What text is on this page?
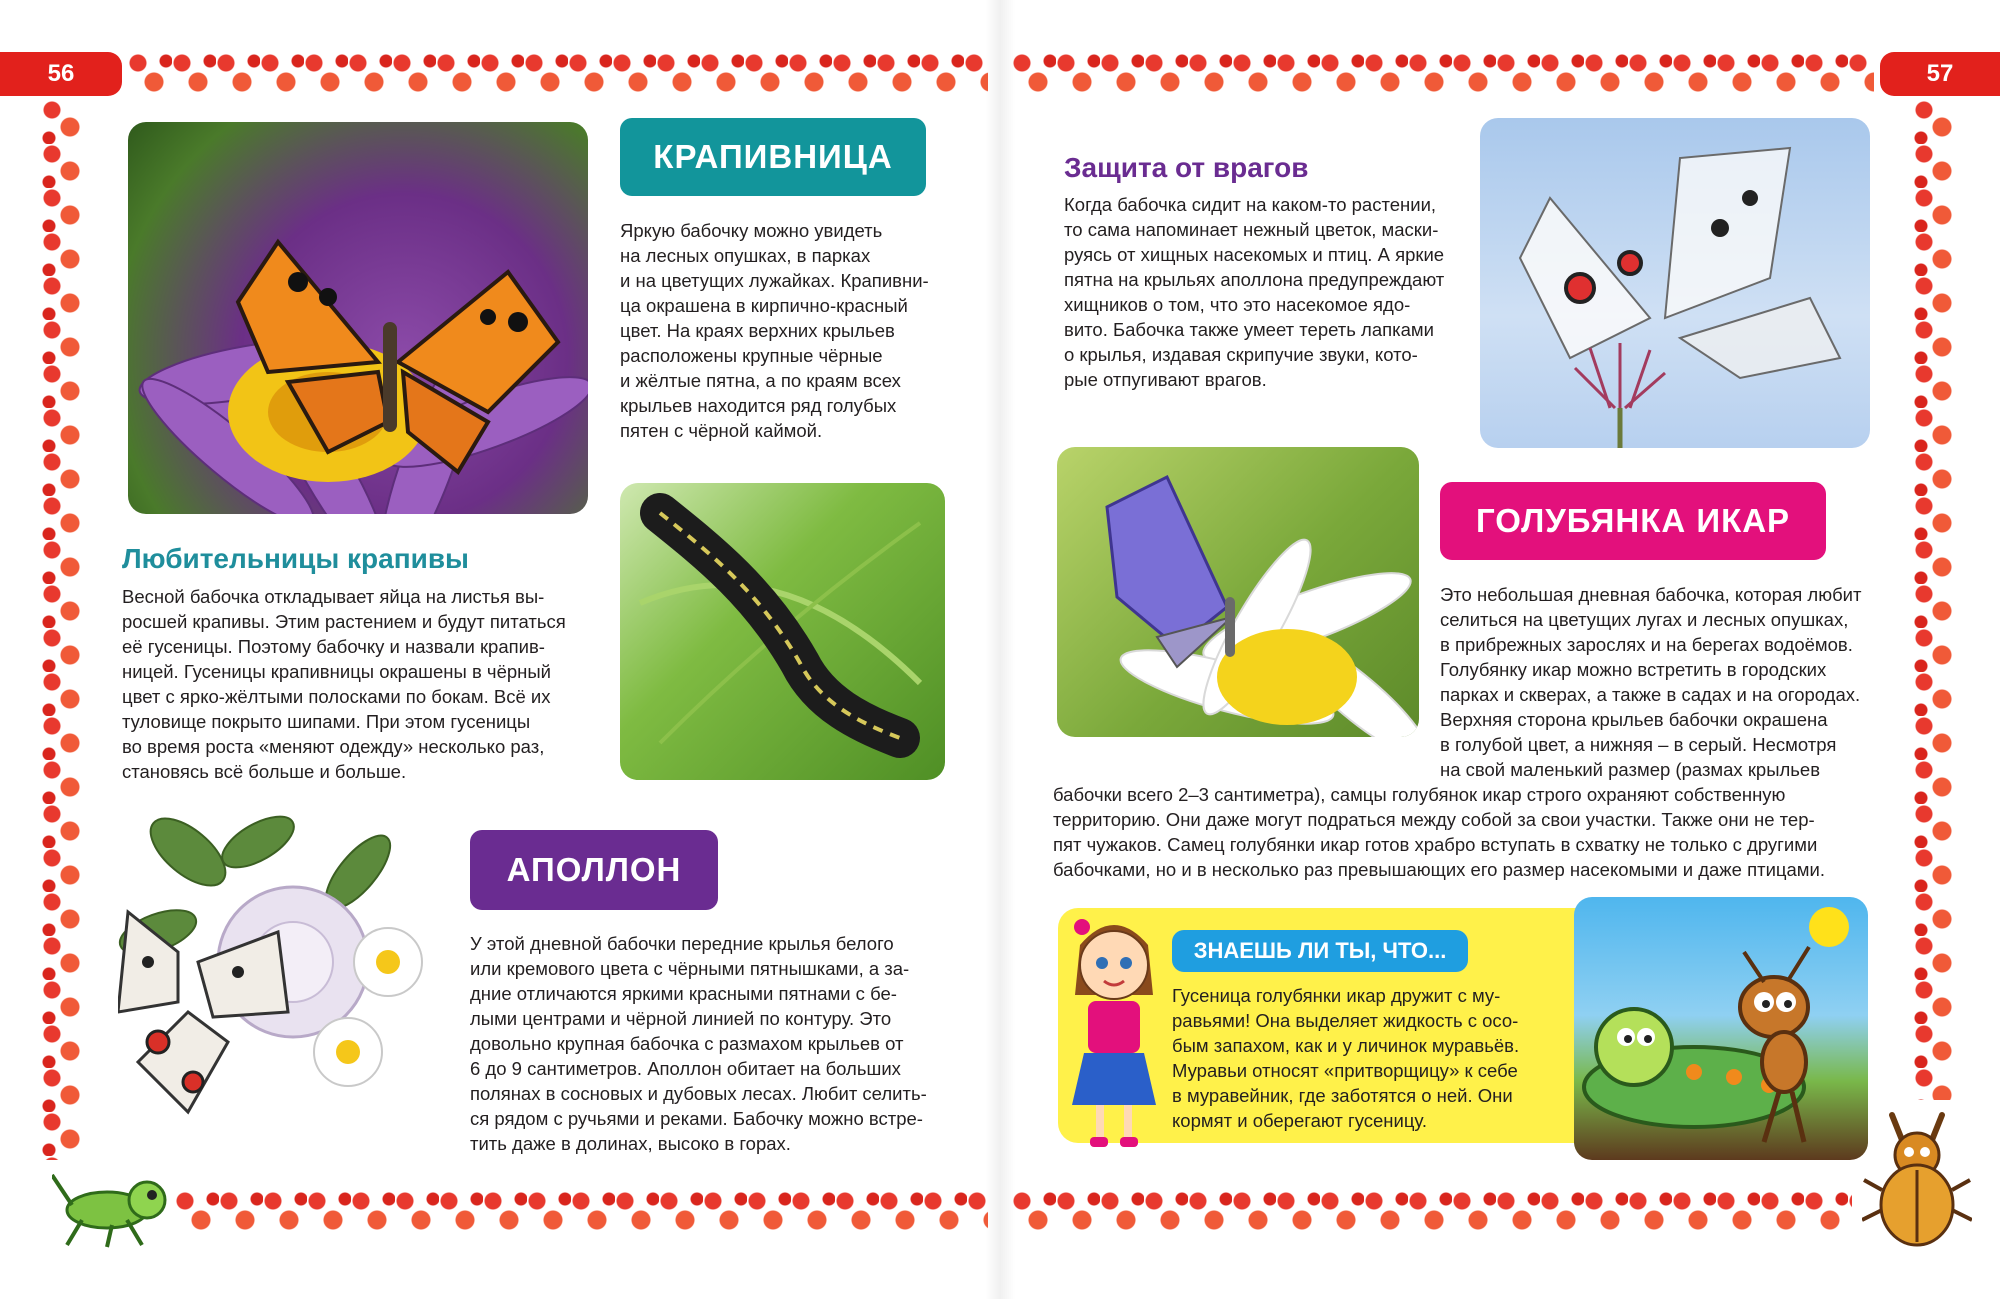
56	57
КРАПИВНИЦА
Яркую бабочку можно увидеть
на лесных опушках, в парках
и на цветущих лужайках. Крапивни-
ца окрашена в кирпично-красный
цвет. На краях верхних крыльев
расположены крупные чёрные
и жёлтые пятна, а по краям всех
крыльев находится ряд голубых
пятен с чёрной каймой.
Любительницы крапивы
Весной бабочка откладывает яйца на листья вы-
росшей крапивы. Этим растением и будут питаться
её гусеницы. Поэтому бабочку и назвали крапив-
ницей. Гусеницы крапивницы окрашены в чёрный
цвет с ярко-жёлтыми полосками по бокам. Всё их
туловище покрыто шипами. При этом гусеницы
во время роста «меняют одежду» несколько раз,
становясь всё больше и больше.
АПОЛЛОН
У этой дневной бабочки передние крылья белого
или кремового цвета с чёрными пятнышками, а за-
дние отличаются яркими красными пятнами с бе-
лыми центрами и чёрной линией по контуру. Это
довольно крупная бабочка с размахом крыльев от
6 до 9 сантиметров. Аполлон обитает на больших
полянах в сосновых и дубовых лесах. Любит селить-
ся рядом с ручьями и реками. Бабочку можно встре-
тить даже в долинах, высоко в горах.
Защита от врагов
Когда бабочка сидит на каком-то растении,
то сама напоминает нежный цветок, маски-
руясь от хищных насекомых и птиц. А яркие
пятна на крыльях аполлона предупреждают
хищников о том, что это насекомое ядо-
вито. Бабочка также умеет тереть лапками
о крылья, издавая скрипучие звуки, кото-
рые отпугивают врагов.
ГОЛУБЯНКА ИКАР
Это небольшая дневная бабочка, которая любит
селиться на цветущих лугах и лесных опушках,
в прибрежных зарослях и на берегах водоёмов.
Голубянку икар можно встретить в городских
парках и скверах, а также в садах и на огородах.
Верхняя сторона крыльев бабочки окрашена
в голубой цвет, а нижняя – в серый. Несмотря
на свой маленький размер (размах крыльев
бабочки всего 2–3 сантиметра), самцы голубянок икар строго охраняют собственную
территорию. Они даже могут подраться между собой за свои участки. Также они не тер-
пят чужаков. Самец голубянки икар готов храбро вступать в схватку не только с другими
бабочками, но и в несколько раз превышающих его размер насекомыми и даже птицами.
ЗНАЕШЬ ЛИ ТЫ, ЧТО...
Гусеница голубянки икар дружит с му-
равьями! Она выделяет жидкость с осо-
бым запахом, как и у личинок муравьёв.
Муравьи относят «притворщицу» к себе
в муравейник, где заботятся о ней. Они
кормят и оберегают гусеницу.
